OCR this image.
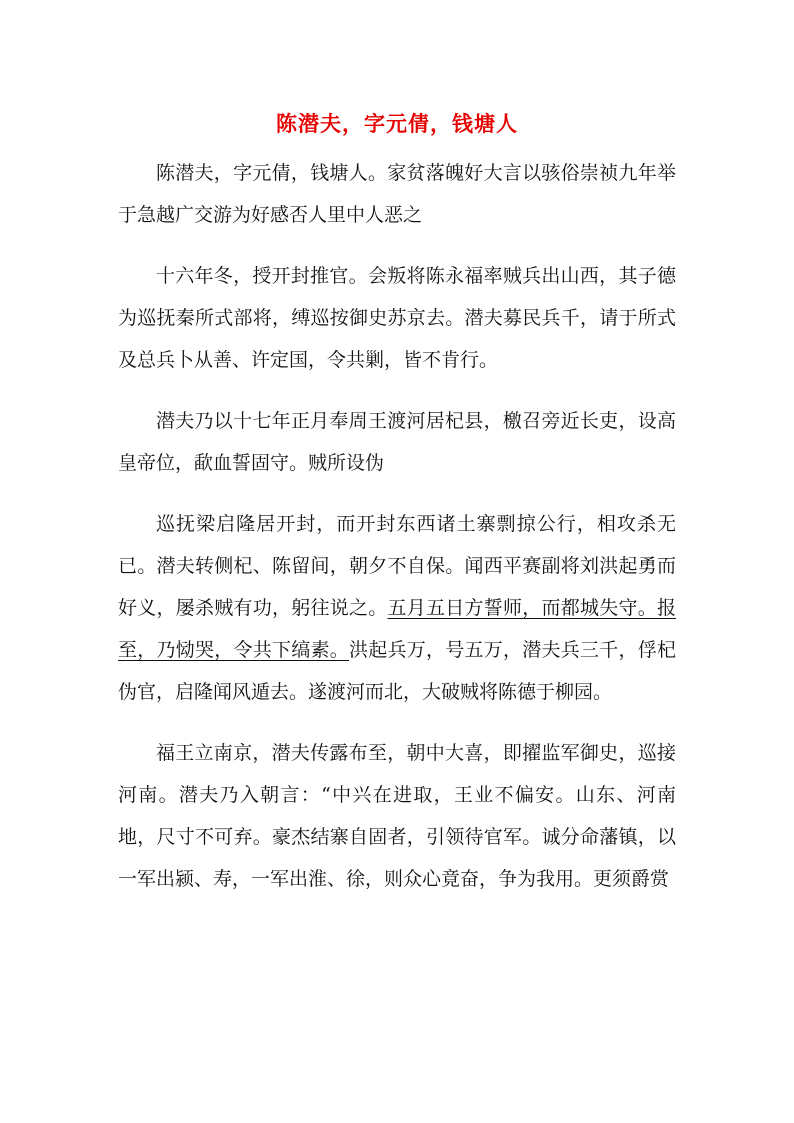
陈潜夫，字元倩，钱塘人

陈潜夫，字元倩，钱塘人。家贫落魄好大言以骇俗崇祯九年举于急越广交游为好感否人里中人恶之

十六年冬，授开封推官。会叛将陈永福率贼兵出山西，其子德为巡抚秦所式部将，缚巡按御史苏京去。潜夫募民兵千，请于所式及总兵卜从善、许定国，令共剿，皆不肯行。

潜夫乃以十七年正月奉周王渡河居杞县，檄召旁近长吏，设高皇帝位，歃血誓固守。贼所设伪

巡抚梁启隆居开封，而开封东西诸土寨剽掠公行，相攻杀无已。潜夫转侧杞、陈留间，朝夕不自保。闻西平赛副将刘洪起勇而好义，屡杀贼有功，躬往说之。五月五日方誓师，而都城失守。报至，乃恸哭，令共下缟素。洪起兵万，号五万，潜夫兵三千，俘杞伪官，启隆闻风遁去。遂渡河而北，大破贼将陈德于柳园。

福王立南京，潜夫传露布至，朝中大喜，即擢监军御史，巡接河南。潜夫乃入朝言：“中兴在进取，王业不偏安。山东、河南地，尺寸不可弃。豪杰结寨自固者，引领待官军。诚分命藩镇，以一军出颍、寿，一军出淮、徐，则众心竟奋，争为我用。更须爵赏
